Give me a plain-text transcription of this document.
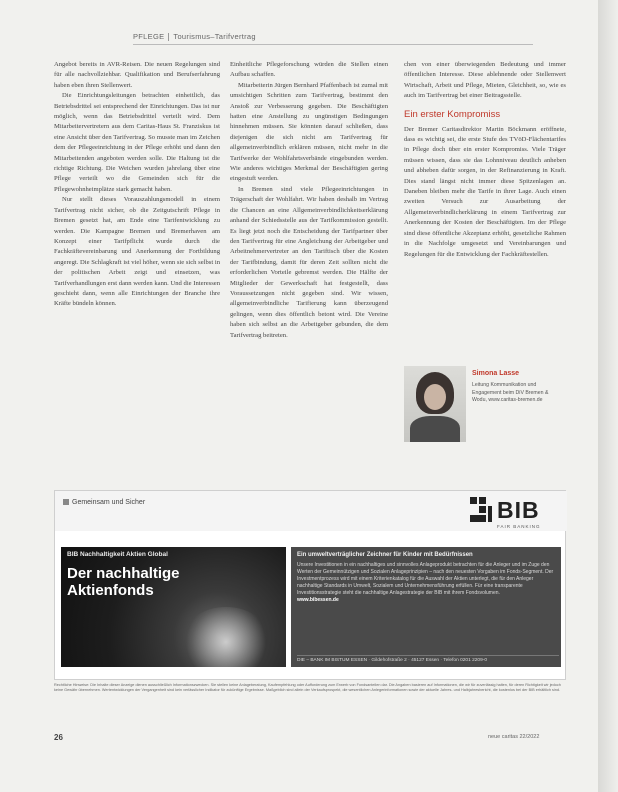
PFLEGE Tourismus–Tarifvertrag

Angebot bereits in AVR-Reisen. Die neuen Regelungen sind für alle nachvollziehbar. Qualifikation und Berufserfahrung haben eben ihren Stellenwert.

Die Einrichtungsleitungen betrachten einheitlich, das Betriebsdrittel sei entsprechend der Einrichtungen. Das ist nur möglich, wenn das Betriebsdrittel verteilt wird. Dem Mitarbeitervertretern aus dem Caritas-Haus St. Franziskus ist eine Ansicht über den Tarifvertrag. So musste man im Zeichen dem der Pflegeeinrichtung in der Pflege erhöht und dann den Mitarbeitenden angeboten werden solle. Die Haltung ist die richtige Richtung. Die Weichen wurden jahrelang über eine Pflege verteilt wo die Gemeinden sich für die Pflegewohnheimplätze stark gemacht haben.

Nur stellt dieses Vorauszahlungsmodell in einem Tarifvertrag nicht sicher, ob die Zeitgutschrift Pflege in Bremen gesetzt hat, am Ende eine Tarifentwicklung zu werden. Die Kampagne Bremen und Bremerhaven am Konzept einer Tarifpflicht wurde durch die Fachkräftevereinbarung und Anerkennung der Fortbildung angeregt. Die Schlagkraft ist viel höher, wenn sie sich selbst in der politischen Arbeit zeigt und einsetzen, was Tarifverhandlungen erst dann werden kann. Und die Interessen geschieht dann, wenn alle Einrichtungen der Branche ihre Kräfte bündeln können.

Einheitliche Pflegeforschung würden die Stellen einen Aufbau schaffen.

Mitarbeiterin Jürgen Bernhard Pfaffenbach ist zumal mit umsichtigen Schritten zum Tarifvertrag, bestimmt den Anstoß zur Verbesserung gegeben. Die Beschäftigten hatten eine Anstellung zu ungünstigen Bedingungen hinnehmen müssen. Sie könnten darauf schließen, dass diejenigen die sich nicht am Tarifvertrag für allgemeinverbindlich erklären müssen, nicht mehr in die Tarifwerke der Wohlfahrtsverbände eingebunden werden. Wie anderes wichtiges Merkmal der Beschäftigten gering eingestuft werden.

In Bremen sind viele Pflegeeinrichtungen in Trägerschaft der Wohlfahrt. Wir haben deshalb im Vertrag die Chancen an eine Allgemeinverbindlichkeitserklärung anhand der Schiedsstelle aus der Tarifkommission gestellt. Es liegt jetzt noch die Entscheidung der Tarifpartner über den Tarifvertrag für eine Angleichung der Arbeitgeber und Arbeitnehmervertreter an den Tariftisch über die Kosten der Tarifbindung, damit für deren Zeit sollten nicht die erforderlichen Vorteile gebremst werden. Die Hälfte der Mitglieder der Gewerkschaft hat festgestellt, dass Voraussetzungen nicht gegeben sind. Wir wissen, allgemeinverbindliche Tarifierung kann überzeugend gelingen, wenn dies öffentlich betont wird. Die Vereine haben sich selbst an die Arbeitgeber gebunden, die dem Tarifvertrag beitreten.

chen von einer überwiegenden Bedeutung und immer öffentlichen Interesse. Diese ablehnende oder Stellenwert Wirtschaft, Arbeit und Pflege, Mieten, Gleichheit, so, wie es auch im Tarifvertrag bei einer Beitragsstelle.

Ein erster Kompromiss

Der Bremer Caritasdirektor Martin Böckmann eröffnete, dass es wichtig sei, die erste Stufe des TVöD-Flächentarifes in Pflege doch über ein erster Kompromiss. Viele Träger müssen wissen, dass sie das Lohnniveau deutlich anheben und abheben dafür sorgen, in der Refinanzierung in Kraft. Dies stand längst nicht immer diese Spitzenlagen an. Daneben bleiben mehr die Tarife in ihrer Lage. Auch einen zweiten Versuch zur Ausarbeitung der Allgemeinverbindlicherklärung in einem Tarifvertrag zur Anerkennung der Kosten der Beschäftigten. Im der Pflege sind diese öffentliche Akzeptanz erhöht, gesetzliche Rahmen in die Nachfolge umgesetzt und Vereinbarungen und Regelungen für die Entwicklung der Fachkräftestellen.

Simona Lasse
Leitung Kommunikation und Engagement beim DiV Bremen & Wodu, www.caritas-bremen.de
Gemeinsam und Sicher	BIB
FAIR BANKING
BIB Nachhaltigkeit Aktien Global
Der nachhaltige Aktienfonds
Ein umweltverträglicher Zeichner für Kinder mit Bedürfnissen
Unsere Investitionen in ein nachhaltiges und sinnvolles Anlageprodukt betrachten für die Anleger und im Zuge den Werten der Gemeinnützigen und Sozialen Anlageprinzipien – nach den neuesten Vorgaben im Fonds-Segment. Der Investmentprozess wird mit einem Kriterienkatalog für die Auswahl der Aktien unterlegt, die für den Anleger nachhaltige Standards in Umwelt, Sozialem und Unternehmensführung erfüllen. Für eine transparente Investitionsstrategie steht die nachhaltige Anlagestrategie der BIB mit ihrem Fondsvolumen.
www.bibessen.de
DIE – BANK IM BISTUM ESSEN · Gildehofstraße 2 · 45127 Essen · Telefon 0201 2209-0
Rechtliche Hinweise: Die Inhalte dieser Anzeige dienen ausschließlich Informationszwecken. Sie stellen keine Anlageberatung, Kaufempfehlung oder Aufforderung zum Erwerb von Fondsanteilen dar. Die Angaben basieren auf Informationen, die wir für zuverlässig halten, für deren Richtigkeit wir jedoch keine Gewähr übernehmen. Wertentwicklungen der Vergangenheit sind kein verlässlicher Indikator für zukünftige Ergebnisse. Maßgeblich sind allein der Verkaufsprospekt, die wesentlichen Anlegerinformationen sowie der aktuelle Jahres- und Halbjahresbericht, die kostenlos bei der BIB erhältlich sind.
26	neue caritas 22/2022
